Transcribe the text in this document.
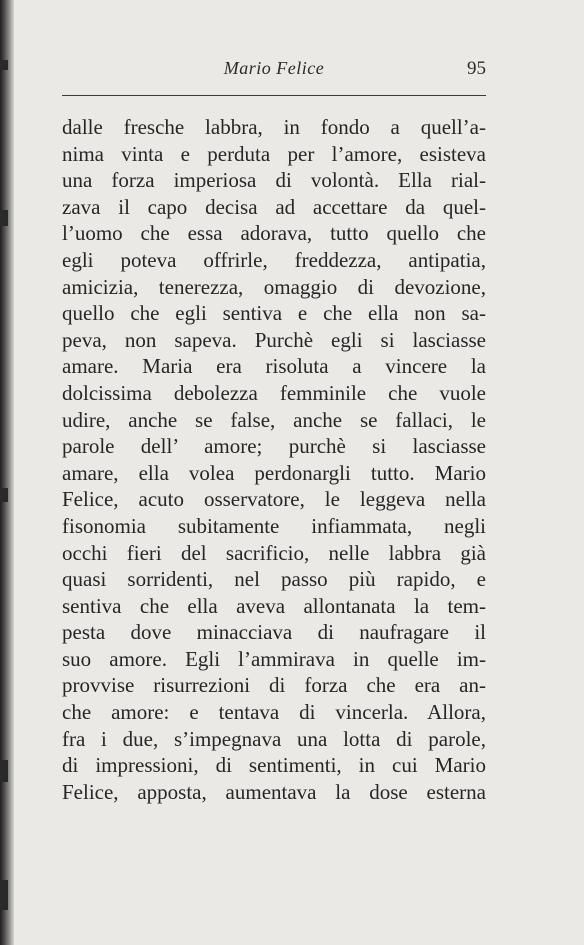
Mario Felice	95
dalle fresche labbra, in fondo a quell’a-
nima vinta e perduta per l’amore, esisteva
una forza imperiosa di volontà. Ella rial-
zava il capo decisa ad accettare da quel-
l’uomo che essa adorava, tutto quello che
egli poteva offrirle, freddezza, antipatia,
amicizia, tenerezza, omaggio di devozione,
quello che egli sentiva e che ella non sa-
peva, non sapeva. Purchè egli si lasciasse
amare. Maria era risoluta a vincere la
dolcissima debolezza femminile che vuole
udire, anche se false, anche se fallaci, le
parole dell’ amore; purchè si lasciasse
amare, ella volea perdonargli tutto. Mario
Felice, acuto osservatore, le leggeva nella
fisonomia subitamente infiammata, negli
occhi fieri del sacrificio, nelle labbra già
quasi sorridenti, nel passo più rapido, e
sentiva che ella aveva allontanata la tem-
pesta dove minacciava di naufragare il
suo amore. Egli l’ammirava in quelle im-
provvise risurrezioni di forza che era an-
che amore: e tentava di vincerla. Allora,
fra i due, s’impegnava una lotta di parole,
di impressioni, di sentimenti, in cui Mario
Felice, apposta, aumentava la dose esterna
